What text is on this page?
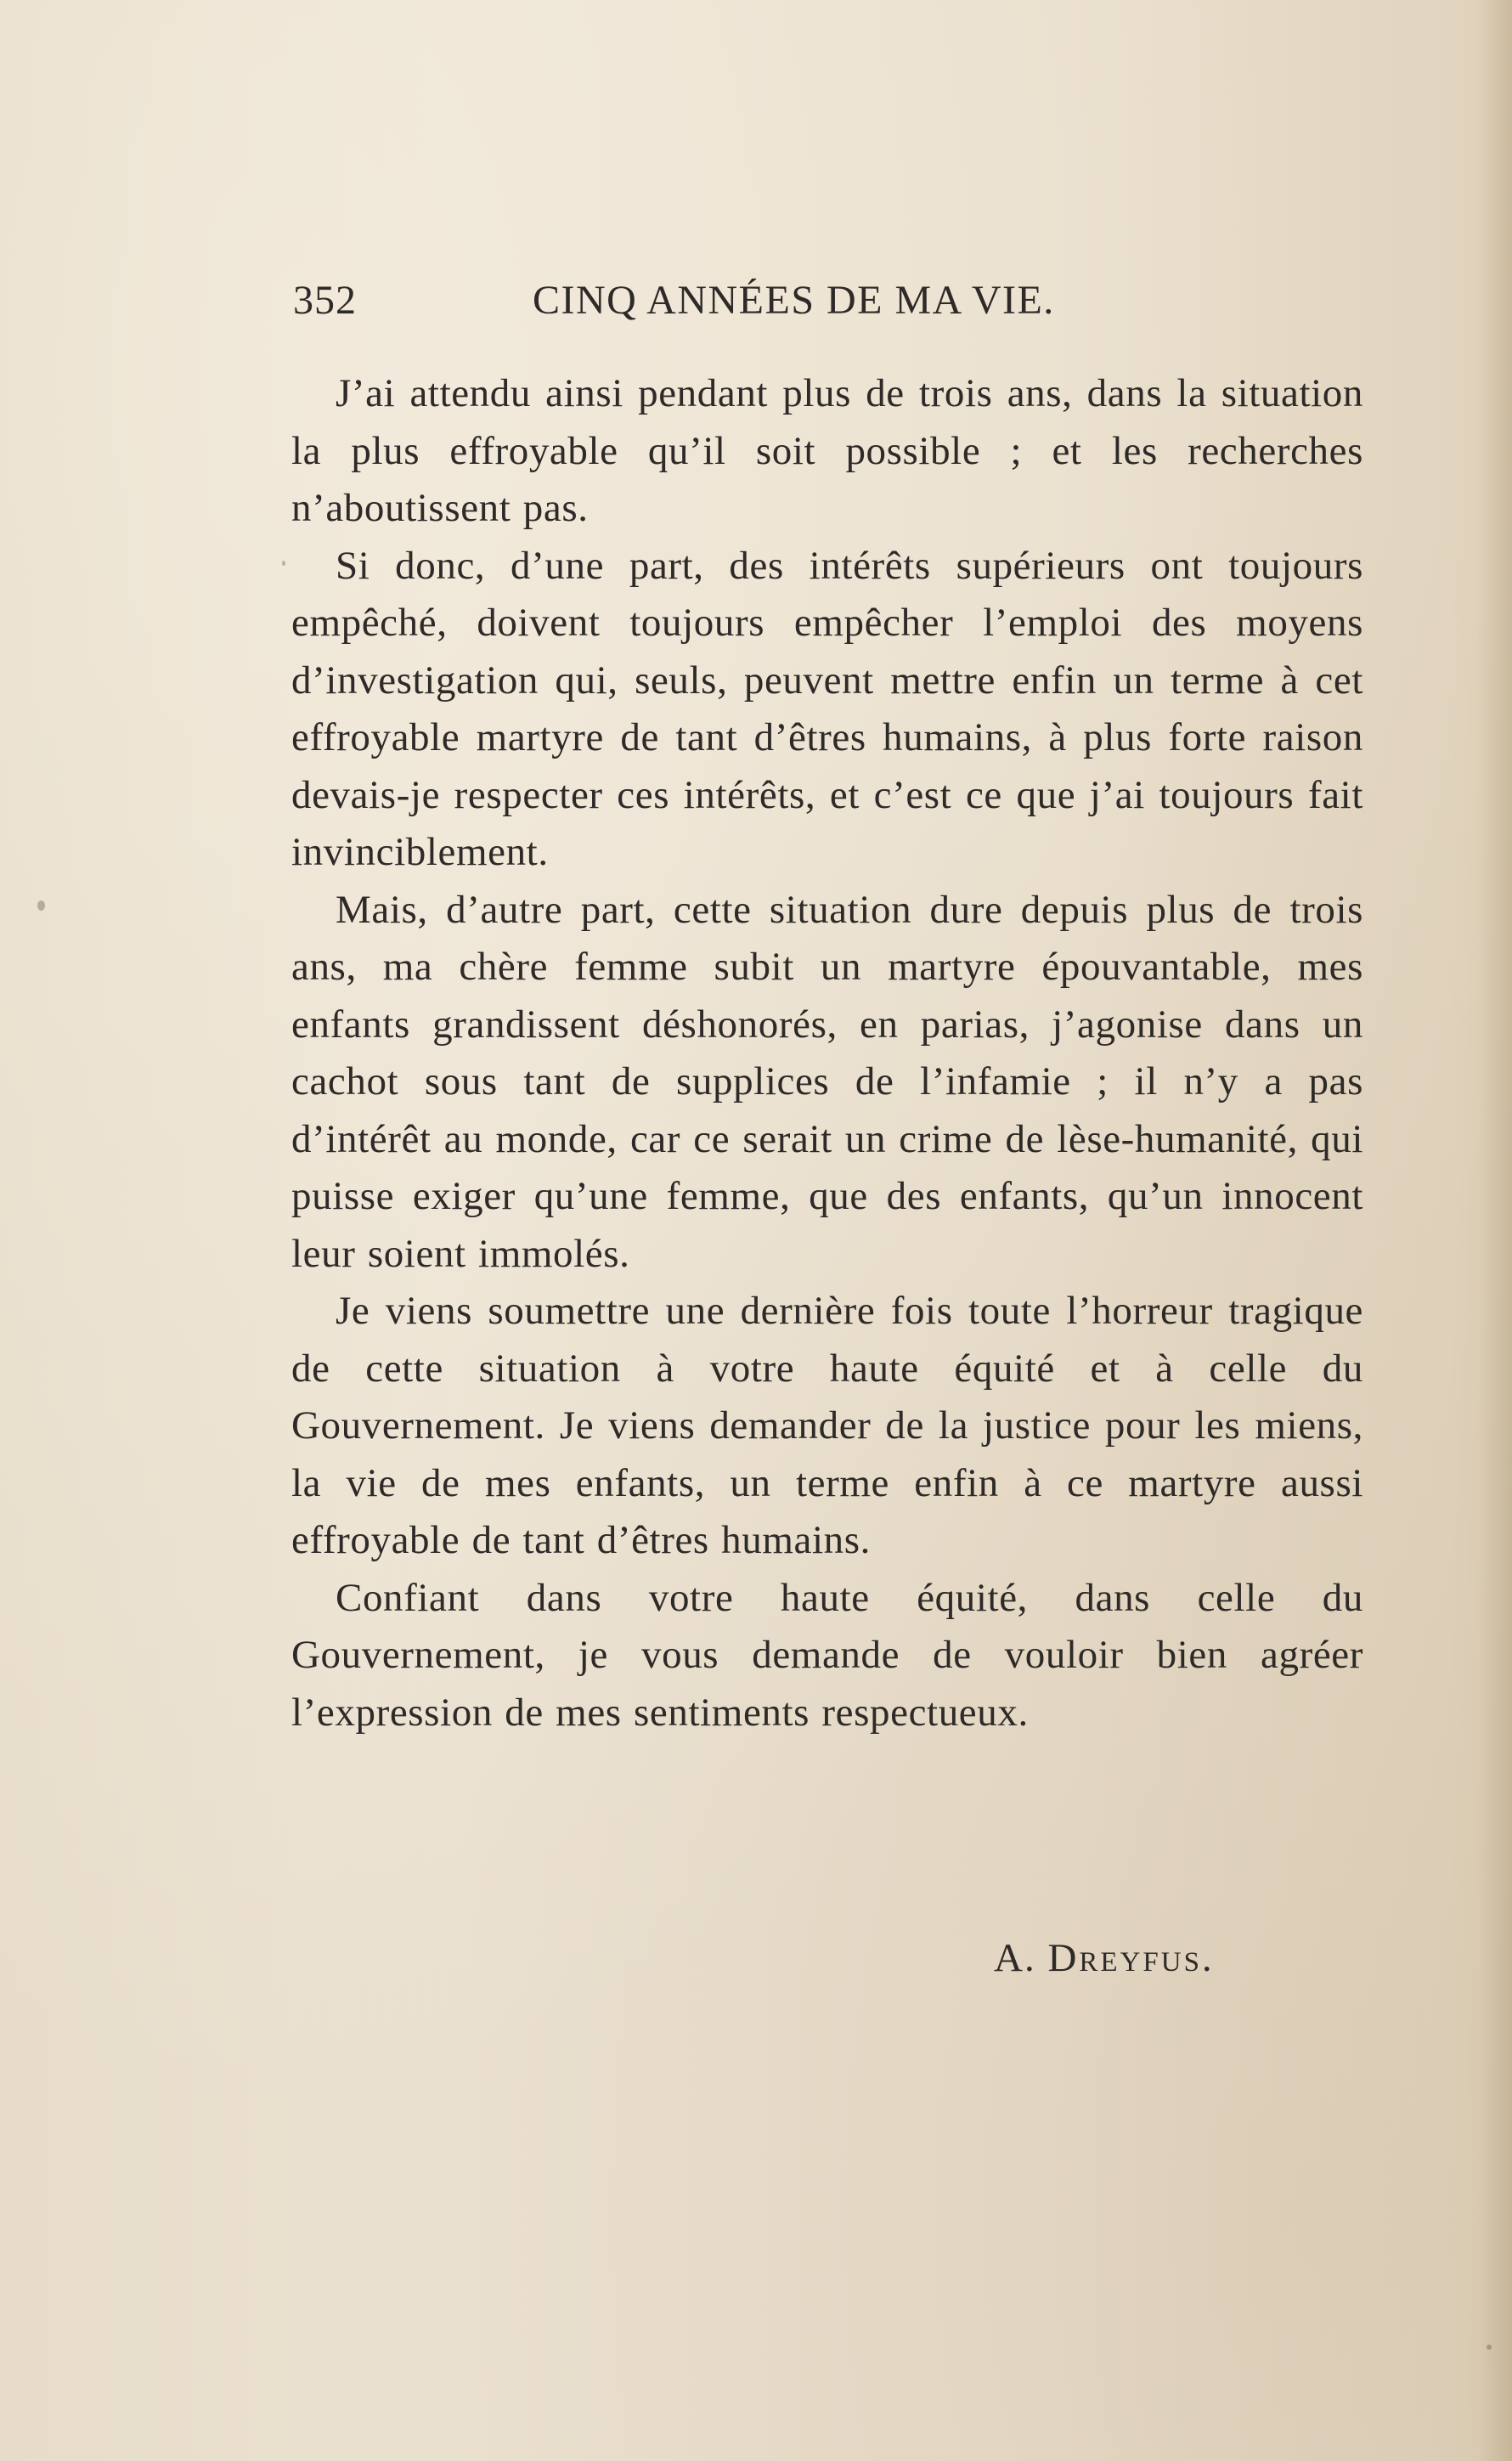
352	CINQ ANNÉES DE MA VIE.

J’ai attendu ainsi pendant plus de trois ans, dans la situation la plus effroyable qu’il soit possible ; et les recherches n’aboutissent pas.

Si donc, d’une part, des intérêts supérieurs ont toujours empêché, doivent toujours empêcher l’emploi des moyens d’investigation qui, seuls, peuvent mettre enfin un terme à cet effroyable martyre de tant d’êtres humains, à plus forte raison devais-je respecter ces intérêts, et c’est ce que j’ai toujours fait invinciblement.

Mais, d’autre part, cette situation dure depuis plus de trois ans, ma chère femme subit un martyre épouvantable, mes enfants grandissent déshonorés, en parias, j’agonise dans un cachot sous tant de supplices de l’infamie ; il n’y a pas d’intérêt au monde, car ce serait un crime de lèse-humanité, qui puisse exiger qu’une femme, que des enfants, qu’un innocent leur soient immolés.

Je viens soumettre une dernière fois toute l’horreur tragique de cette situation à votre haute équité et à celle du Gouvernement. Je viens demander de la justice pour les miens, la vie de mes enfants, un terme enfin à ce martyre aussi effroyable de tant d’êtres humains.

Confiant dans votre haute équité, dans celle du Gouvernement, je vous demande de vouloir bien agréer l’expression de mes sentiments respectueux.

A. Dreyfus.
